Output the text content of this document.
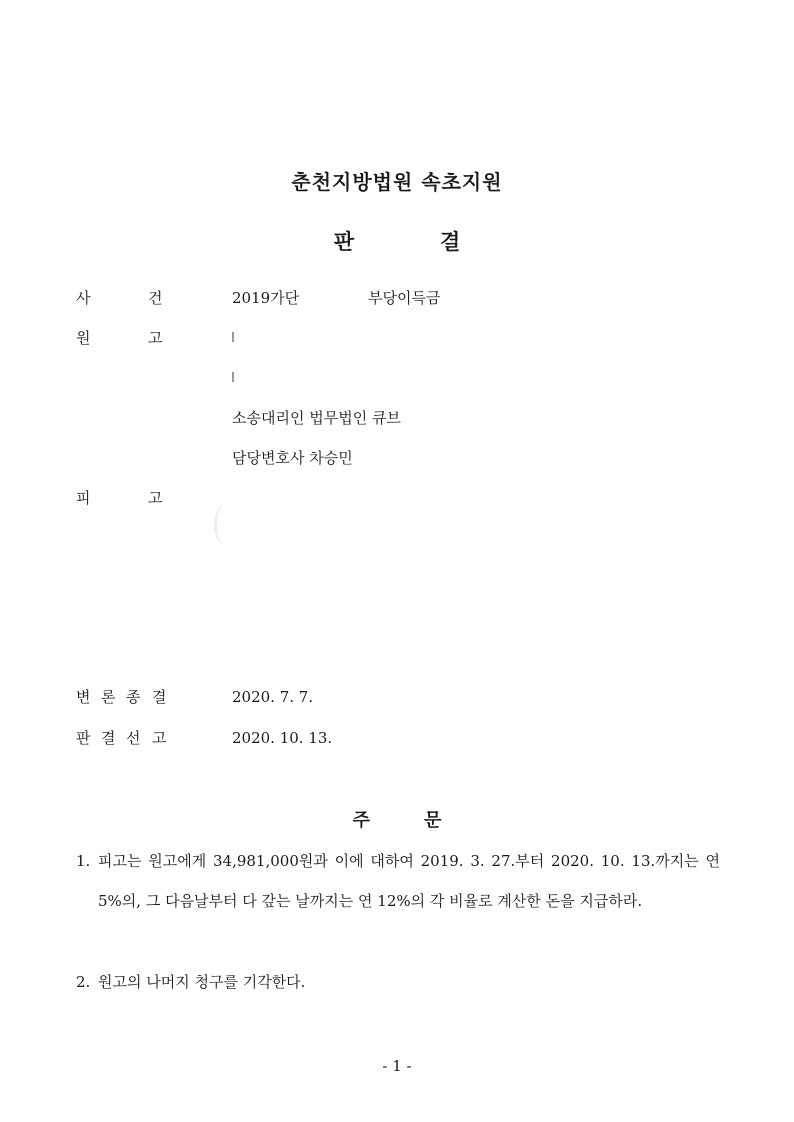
춘천지방법원 속초지원
판	결
사	건	2019가단	부당이득금
원	고
소송대리인 법무법인 큐브
담당변호사 차승민
피	고
변 론 종 결	2020. 7. 7.
판 결 선 고	2020. 10. 13.
주	문
1. 피고는 원고에게 34,981,000원과 이에 대하여 2019. 3. 27.부터 2020. 10. 13.까지는 연 5%의, 그 다음날부터 다 갚는 날까지는 연 12%의 각 비율로 계산한 돈을 지급하라.
2. 원고의 나머지 청구를 기각한다.
- 1 -
